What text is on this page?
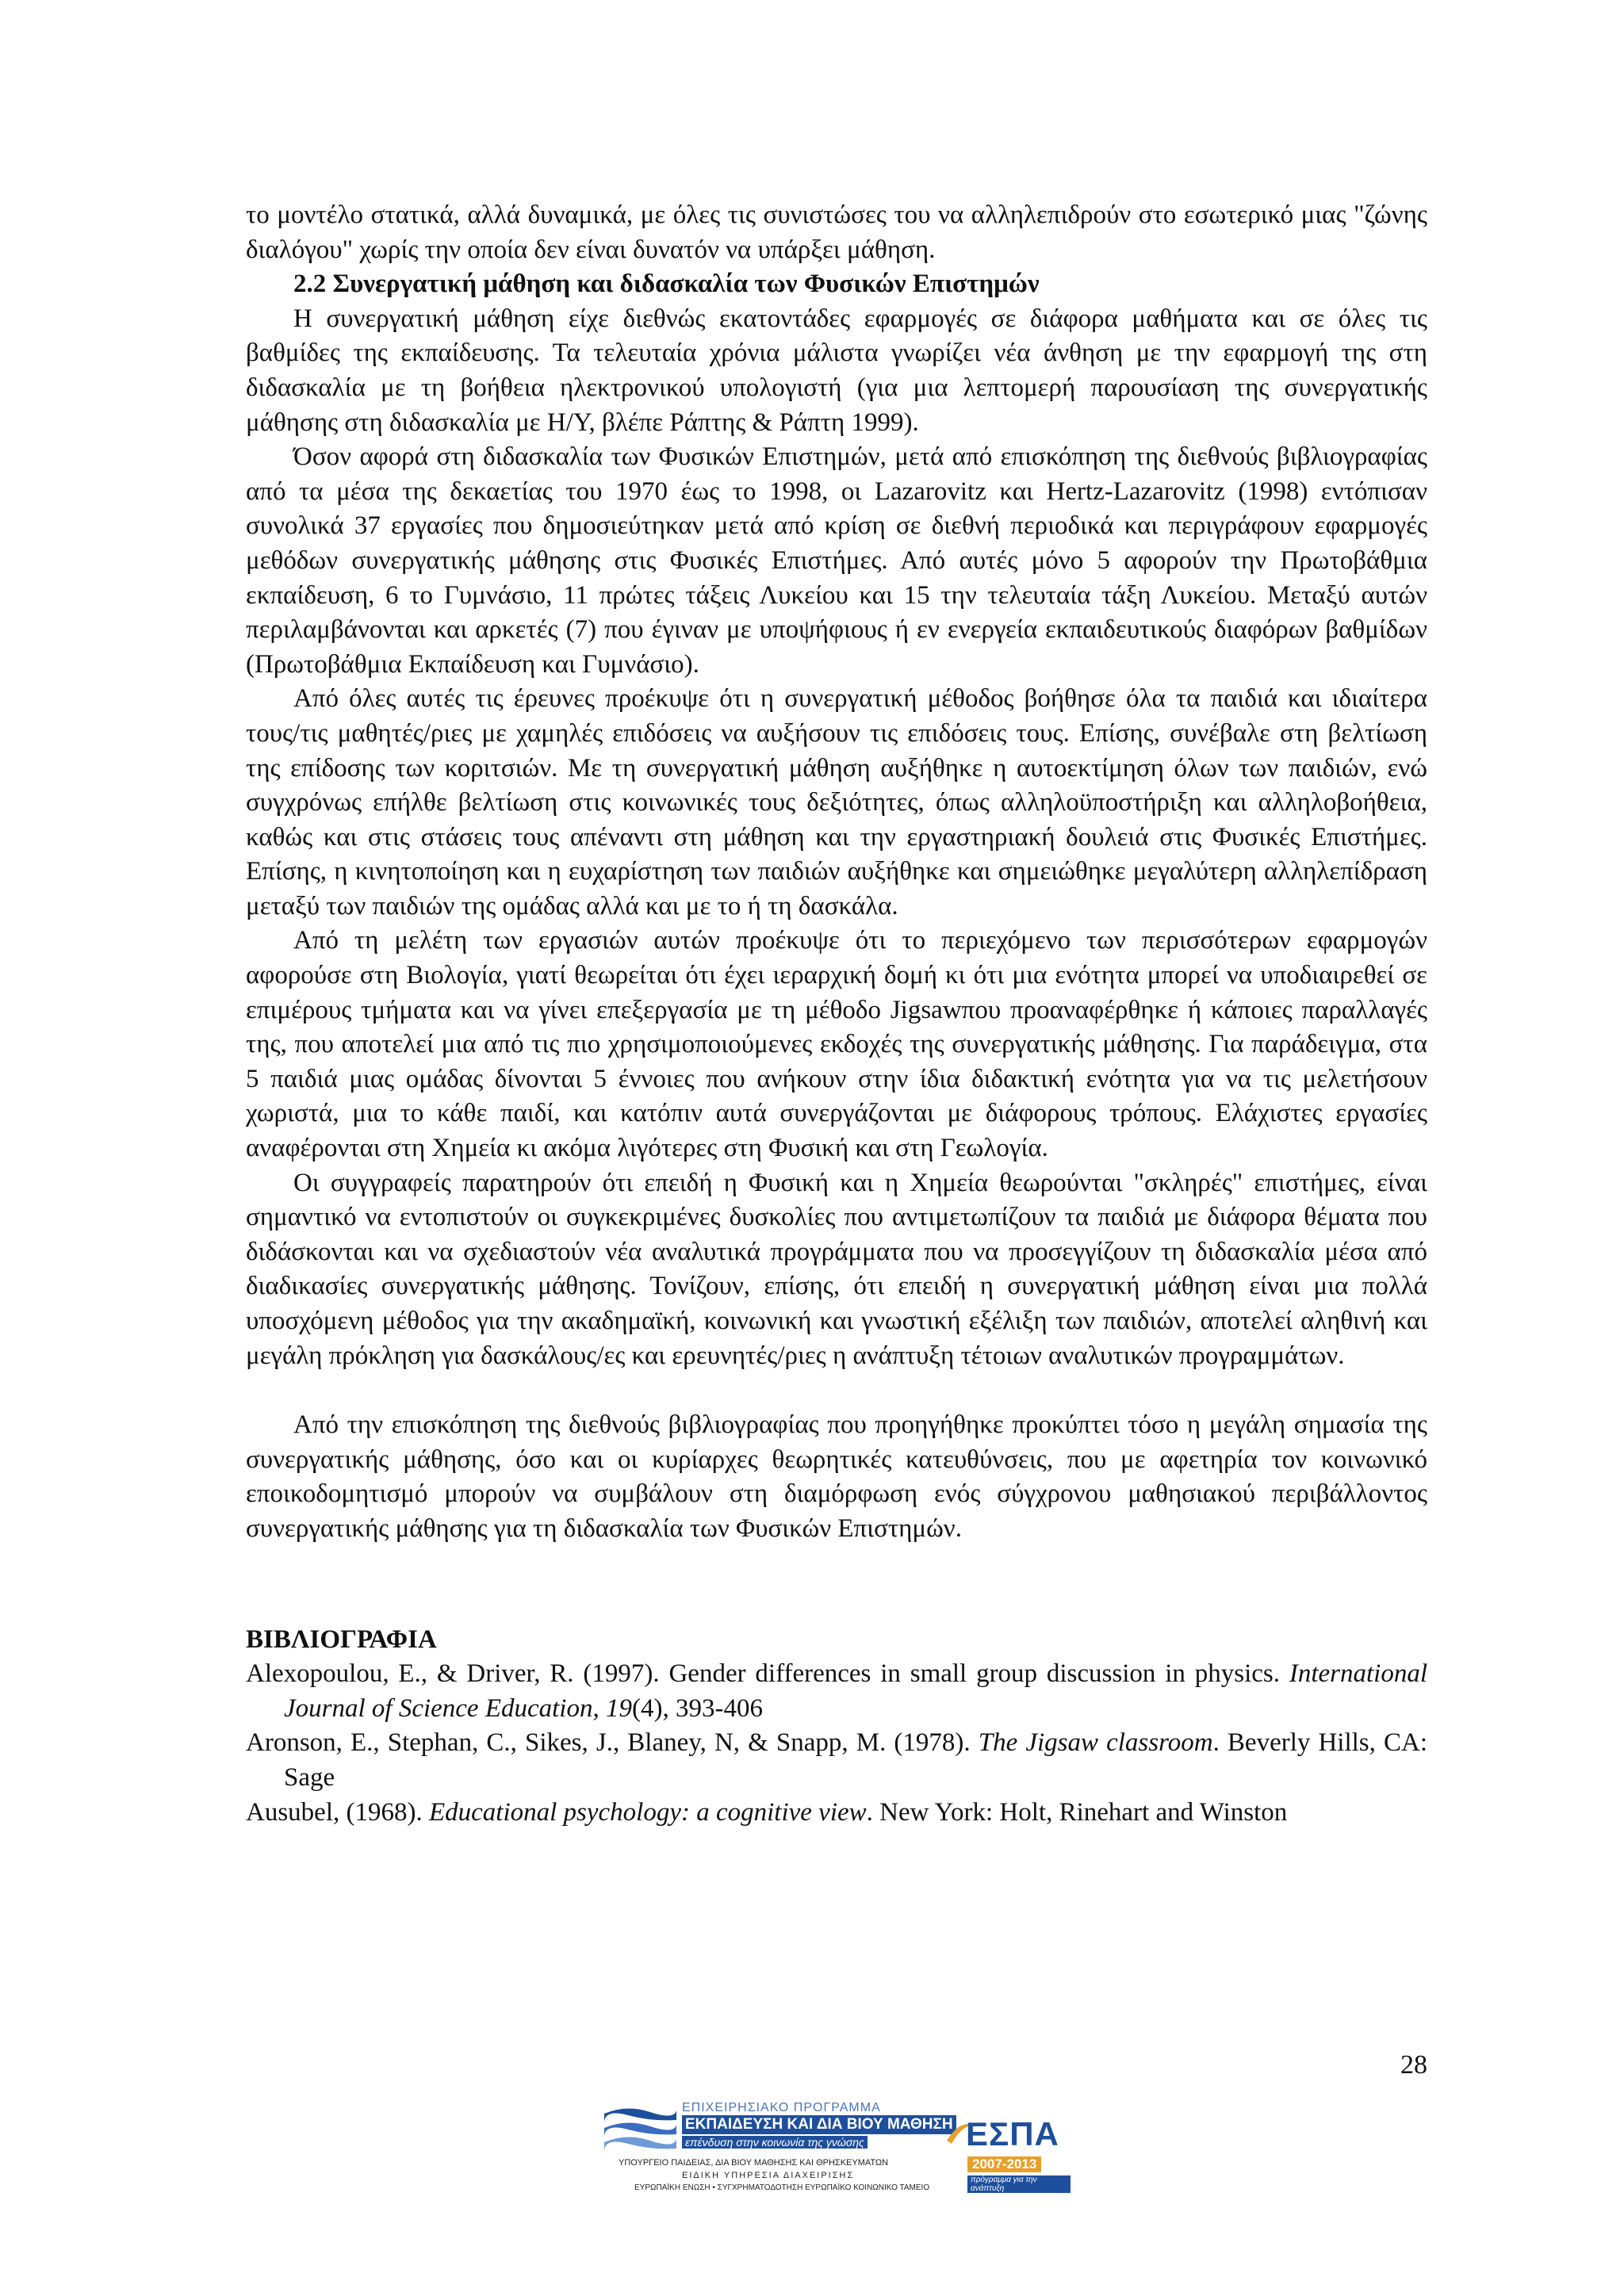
το μοντέλο στατικά, αλλά δυναμικά, με όλες τις συνιστώσες του να αλληλεπιδρούν στο εσωτερικό μιας "ζώνης διαλόγου" χωρίς την οποία δεν είναι δυνατόν να υπάρξει μάθηση.

2.2 Συνεργατική μάθηση και διδασκαλία των Φυσικών Επιστημών

Η συνεργατική μάθηση είχε διεθνώς εκατοντάδες εφαρμογές σε διάφορα μαθήματα και σε όλες τις βαθμίδες της εκπαίδευσης. Τα τελευταία χρόνια μάλιστα γνωρίζει νέα άνθηση με την εφαρμογή της στη διδασκαλία με τη βοήθεια ηλεκτρονικού υπολογιστή (για μια λεπτομερή παρουσίαση της συνεργατικής μάθησης στη διδασκαλία με Η/Υ, βλέπε Ράπτης & Ράπτη 1999).

Όσον αφορά στη διδασκαλία των Φυσικών Επιστημών, μετά από επισκόπηση της διεθνούς βιβλιογραφίας από τα μέσα της δεκαετίας του 1970 έως το 1998, οι Lazarovitz και Hertz-Lazarovitz (1998) εντόπισαν συνολικά 37 εργασίες που δημοσιεύτηκαν μετά από κρίση σε διεθνή περιοδικά και περιγράφουν εφαρμογές μεθόδων συνεργατικής μάθησης στις Φυσικές Επιστήμες. Από αυτές μόνο 5 αφορούν την Πρωτοβάθμια εκπαίδευση, 6 το Γυμνάσιο, 11 πρώτες τάξεις Λυκείου και 15 την τελευταία τάξη Λυκείου. Μεταξύ αυτών περιλαμβάνονται και αρκετές (7) που έγιναν με υποψήφιους ή εν ενεργεία εκπαιδευτικούς διαφόρων βαθμίδων (Πρωτοβάθμια Εκπαίδευση και Γυμνάσιο).

Από όλες αυτές τις έρευνες προέκυψε ότι η συνεργατική μέθοδος βοήθησε όλα τα παιδιά και ιδιαίτερα τους/τις μαθητές/ριες με χαμηλές επιδόσεις να αυξήσουν τις επιδόσεις τους. Επίσης, συνέβαλε στη βελτίωση της επίδοσης των κοριτσιών. Με τη συνεργατική μάθηση αυξήθηκε η αυτοεκτίμηση όλων των παιδιών, ενώ συγχρόνως επήλθε βελτίωση στις κοινωνικές τους δεξιότητες, όπως αλληλοϋποστήριξη και αλληλοβοήθεια, καθώς και στις στάσεις τους απέναντι στη μάθηση και την εργαστηριακή δουλειά στις Φυσικές Επιστήμες. Επίσης, η κινητοποίηση και η ευχαρίστηση των παιδιών αυξήθηκε και σημειώθηκε μεγαλύτερη αλληλεπίδραση μεταξύ των παιδιών της ομάδας αλλά και με το ή τη δασκάλα.

Από τη μελέτη των εργασιών αυτών προέκυψε ότι το περιεχόμενο των περισσότερων εφαρμογών αφορούσε στη Βιολογία, γιατί θεωρείται ότι έχει ιεραρχική δομή κι ότι μια ενότητα μπορεί να υποδιαιρεθεί σε επιμέρους τμήματα και να γίνει επεξεργασία με τη μέθοδο Jigsawπου προαναφέρθηκε ή κάποιες παραλλαγές της, που αποτελεί μια από τις πιο χρησιμοποιούμενες εκδοχές της συνεργατικής μάθησης. Για παράδειγμα, στα 5 παιδιά μιας ομάδας δίνονται 5 έννοιες που ανήκουν στην ίδια διδακτική ενότητα για να τις μελετήσουν χωριστά, μια το κάθε παιδί, και κατόπιν αυτά συνεργάζονται με διάφορους τρόπους. Ελάχιστες εργασίες αναφέρονται στη Χημεία κι ακόμα λιγότερες στη Φυσική και στη Γεωλογία.

Οι συγγραφείς παρατηρούν ότι επειδή η Φυσική και η Χημεία θεωρούνται "σκληρές" επιστήμες, είναι σημαντικό να εντοπιστούν οι συγκεκριμένες δυσκολίες που αντιμετωπίζουν τα παιδιά με διάφορα θέματα που διδάσκονται και να σχεδιαστούν νέα αναλυτικά προγράμματα που να προσεγγίζουν τη διδασκαλία μέσα από διαδικασίες συνεργατικής μάθησης. Τονίζουν, επίσης, ότι επειδή η συνεργατική μάθηση είναι μια πολλά υποσχόμενη μέθοδος για την ακαδημαϊκή, κοινωνική και γνωστική εξέλιξη των παιδιών, αποτελεί αληθινή και μεγάλη πρόκληση για δασκάλους/ες και ερευνητές/ριες η ανάπτυξη τέτοιων αναλυτικών προγραμμάτων.

Από την επισκόπηση της διεθνούς βιβλιογραφίας που προηγήθηκε προκύπτει τόσο η μεγάλη σημασία της συνεργατικής μάθησης, όσο και οι κυρίαρχες θεωρητικές κατευθύνσεις, που με αφετηρία τον κοινωνικό εποικοδομητισμό μπορούν να συμβάλουν στη διαμόρφωση ενός σύγχρονου μαθησιακού περιβάλλοντος συνεργατικής μάθησης για τη διδασκαλία των Φυσικών Επιστημών.

ΒΙΒΛΙΟΓΡΑΦΙΑ

Alexopoulou, E., & Driver, R. (1997). Gender differences in small group discussion in physics. International Journal of Science Education, 19(4), 393-406

Aronson, E., Stephan, C., Sikes, J., Blaney, N, & Snapp, M. (1978). The Jigsaw classroom. Beverly Hills, CA: Sage

Ausubel, (1968). Educational psychology: a cognitive view. New York: Holt, Rinehart and Winston

28
ΕΠΙΧΕΙΡΗΣΙΑΚΟ ΠΡΟΓΡΑΜΜΑ
ΕΚΠΑΙΔΕΥΣΗ ΚΑΙ ΔΙΑ ΒΙΟΥ ΜΑΘΗΣΗ
επένδυση στην κοινωνία της γνώσης
ΥΠΟΥΡΓΕΙΟ ΠΑΙΔΕΙΑΣ, ΔΙΑ ΒΙΟΥ ΜΑΘΗΣΗΣ ΚΑΙ ΘΡΗΣΚΕΥΜΑΤΩΝ
ΕΙΔΙΚΗ ΥΠΗΡΕΣΙΑ ΔΙΑΧΕΙΡΙΣΗΣ
ΕΥΡΩΠΑΪΚΗ ΕΝΩΣΗ • ΣΥΓΧΡΗΜΑΤΟΔΟΤΗΣΗ ΕΥΡΩΠΑΪΚΟ ΚΟΙΝΩΝΙΚΟ ΤΑΜΕΙΟ
ΕΣΠΑ
2007-2013
πρόγραμμα για την ανάπτυξη
